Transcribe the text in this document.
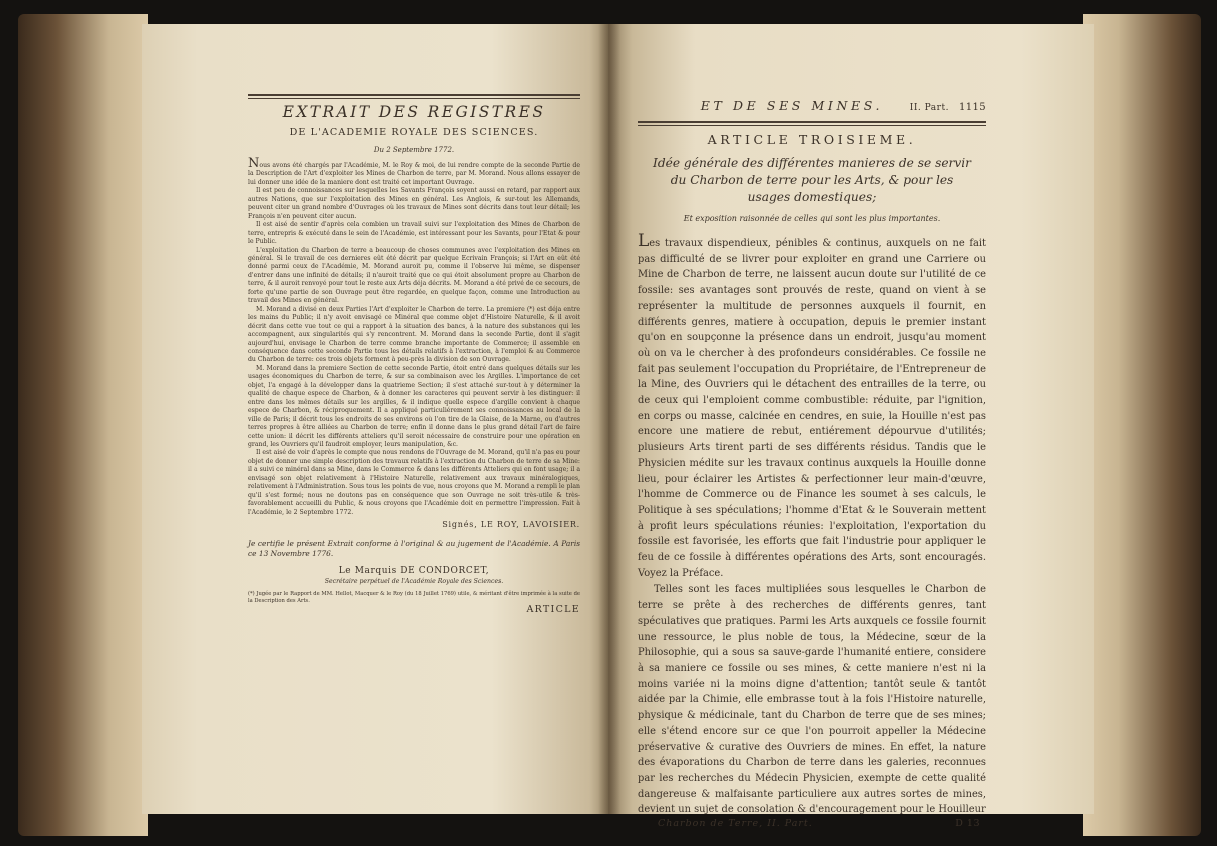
EXTRAIT DES REGISTRES
DE L'ACADEMIE ROYALE DES SCIENCES.
Du 2 Septembre 1772.

Nous avons été chargés par l'Académie, M. le Roy & moi, de lui rendre compte de la seconde Partie de la Description de l'Art d'exploiter les Mines de Charbon de terre, par M. Morand. Nous allons essayer de lui donner une idée de la maniere dont est traité cet important Ouvrage.

Il est peu de connoissances sur lesquelles les Savants François soyent aussi en retard, par rapport aux autres Nations, que sur l'exploitation des Mines en général. Les Anglois, & sur-tout les Allemands, peuvent citer un grand nombre d'Ouvrages où les travaux de Mines sont décrits dans tout leur détail; les François n'en peuvent citer aucun.

Il est aisé de sentir d'après cela combien un travail suivi sur l'exploitation des Mines de Charbon de terre, entrepris & exécuté dans le sein de l'Académie, est intéressant pour les Savants, pour l'Etat & pour le Public.

L'exploitation du Charbon de terre a beaucoup de choses communes avec l'exploitation des Mines en général. Si le travail de ces dernieres eût été décrit par quelque Ecrivain François; si l'Art en eût été donné parmi ceux de l'Académie, M. Morand auroit pu, comme il l'observe lui même, se dispenser d'entrer dans une infinité de détails; il n'auroit traité que ce qui étoit absolument propre au Charbon de terre, & il auroit renvoyé pour tout le reste aux Arts déja décrits. M. Morand a été privé de ce secours, de forte qu'une partie de son Ouvrage peut être regardée, en quelque façon, comme une Introduction au travail des Mines en général.

M. Morand a divisé en deux Parties l'Art d'exploiter le Charbon de terre. La premiere (*) est déja entre les mains du Public; il n'y avoit envisagé ce Minéral que comme objet d'Histoire Naturelle, & il avoit décrit dans cette vue tout ce qui a rapport à la situation des bancs, à la nature des substances qui les accompagnent, aux singularités qui s'y rencontrent. M. Morand dans la seconde Partie, dont il s'agit aujourd'hui, envisage le Charbon de terre comme branche importante de Commerce; il assemble en conséquence dans cette seconde Partie tous les détails relatifs à l'extraction, à l'emploi & au Commerce du Charbon de terre: ces trois objets forment à peu-près la division de son Ouvrage.

M. Morand dans la premiere Section de cette seconde Partie, étoit entré dans quelques détails sur les usages économiques du Charbon de terre, & sur sa combinaison avec les Argilles. L'importance de cet objet, l'a engagé à la développer dans la quatrieme Section; il s'est attaché sur-tout à y déterminer la qualité de chaque espece de Charbon, & à donner les caracteres qui peuvent servir à les distinguer: il entre dans les mêmes détails sur les argilles, & il indique quelle espece d'argille convient à chaque espece de Charbon, & réciproquement. Il a appliqué particuliérement ses connoissances au local de la ville de Paris; il décrit tous les endroits de ses environs où l'on tire de la Glaise, de la Marne, ou d'autres terres propres à être alliées au Charbon de terre; enfin il donne dans le plus grand détail l'art de faire cette union: il décrit les différents atteliers qu'il seroit nécessaire de construire pour une opération en grand, les Ouvriers qu'il faudroit employer, leurs manipulation, &c.

Il est aisé de voir d'après le compte que nous rendons de l'Ouvrage de M. Morand, qu'il n'a pas eu pour objet de donner une simple description des travaux relatifs à l'extraction du Charbon de terre de sa Mine: il a suivi ce minéral dans sa Mine, dans le Commerce & dans les différents Atteliers qui en font usage; il a envisagé son objet relativement à l'Histoire Naturelle, relativement aux travaux minéralogiques, relativement à l'Administration. Sous tous les points de vue, nous croyons que M. Morand a rempli le plan qu'il s'est formé; nous ne doutons pas en conséquence que son Ouvrage ne soit très-utile & très-favorablement accueilli du Public, & nous croyons que l'Académie doit en permettre l'impression. Fait à l'Académie, le 2 Septembre 1772.

Signés, LE ROY, LAVOISIER.
Je certifie le présent Extrait conforme à l'original & au jugement de l'Académie. A Paris ce 13 Novembre 1776.
Le Marquis DE CONDORCET,
Secrétaire perpétuel de l'Académie Royale des Sciences.
(*) Jugée par le Rapport de MM. Hellot, Macquer & le Roy (du 18 Juillet 1769) utile, & méritant d'être imprimée à la suite de la Description des Arts.
ARTICLE
ET DE SES MINES.	II. Part. 1115
ARTICLE TROISIEME.
Idée générale des différentes manieres de se servir du Charbon de terre pour les Arts, & pour les usages domestiques;
Et exposition raisonnée de celles qui sont les plus importantes.

Les travaux dispendieux, pénibles & continus, auxquels on ne fait pas difficulté de se livrer pour exploiter en grand une Carriere ou Mine de Charbon de terre, ne laissent aucun doute sur l'utilité de ce fossile: ses avantages sont prouvés de reste, quand on vient à se représenter la multitude de personnes auxquels il fournit, en différents genres, matiere à occupation, depuis le premier instant qu'on en soupçonne la présence dans un endroit, jusqu'au moment où on va le chercher à des profondeurs considérables. Ce fossile ne fait pas seulement l'occupation du Propriétaire, de l'Entrepreneur de la Mine, des Ouvriers qui le détachent des entrailles de la terre, ou de ceux qui l'emploient comme combustible: réduite, par l'ignition, en corps ou masse, calcinée en cendres, en suie, la Houille n'est pas encore une matiere de rebut, entiérement dépourvue d'utilités; plusieurs Arts tirent parti de ses différents résidus. Tandis que le Physicien médite sur les travaux continus auxquels la Houille donne lieu, pour éclairer les Artistes & perfectionner leur main-d'œuvre, l'homme de Commerce ou de Finance les soumet à ses calculs, le Politique à ses spéculations; l'homme d'Etat & le Souverain mettent à profit leurs spéculations réunies: l'exploitation, l'exportation du fossile est favorisée, les efforts que fait l'industrie pour appliquer le feu de ce fossile à différentes opérations des Arts, sont encouragés. Voyez la Préface.

Telles sont les faces multipliées sous lesquelles le Charbon de terre se prête à des recherches de différents genres, tant spéculatives que pratiques. Parmi les Arts auxquels ce fossile fournit une ressource, le plus noble de tous, la Médecine, sœur de la Philosophie, qui a sous sa sauve-garde l'humanité entiere, considere à sa maniere ce fossile ou ses mines, & cette maniere n'est ni la moins variée ni la moins digne d'attention; tantôt seule & tantôt aidée par la Chimie, elle embrasse tout à la fois l'Histoire naturelle, physique & médicinale, tant du Charbon de terre que de ses mines; elle s'étend encore sur ce que l'on pourroit appeller la Médecine préservative & curative des Ouvriers de mines. En effet, la nature des évaporations du Charbon de terre dans les galeries, reconnues par les recherches du Médecin Physicien, exempte de cette qualité dangereuse & malfaisante particuliere aux autres sortes de mines, devient un sujet de consolation & d'encouragement pour le Houilleur

Charbon de Terre, II. Part.	D 13
